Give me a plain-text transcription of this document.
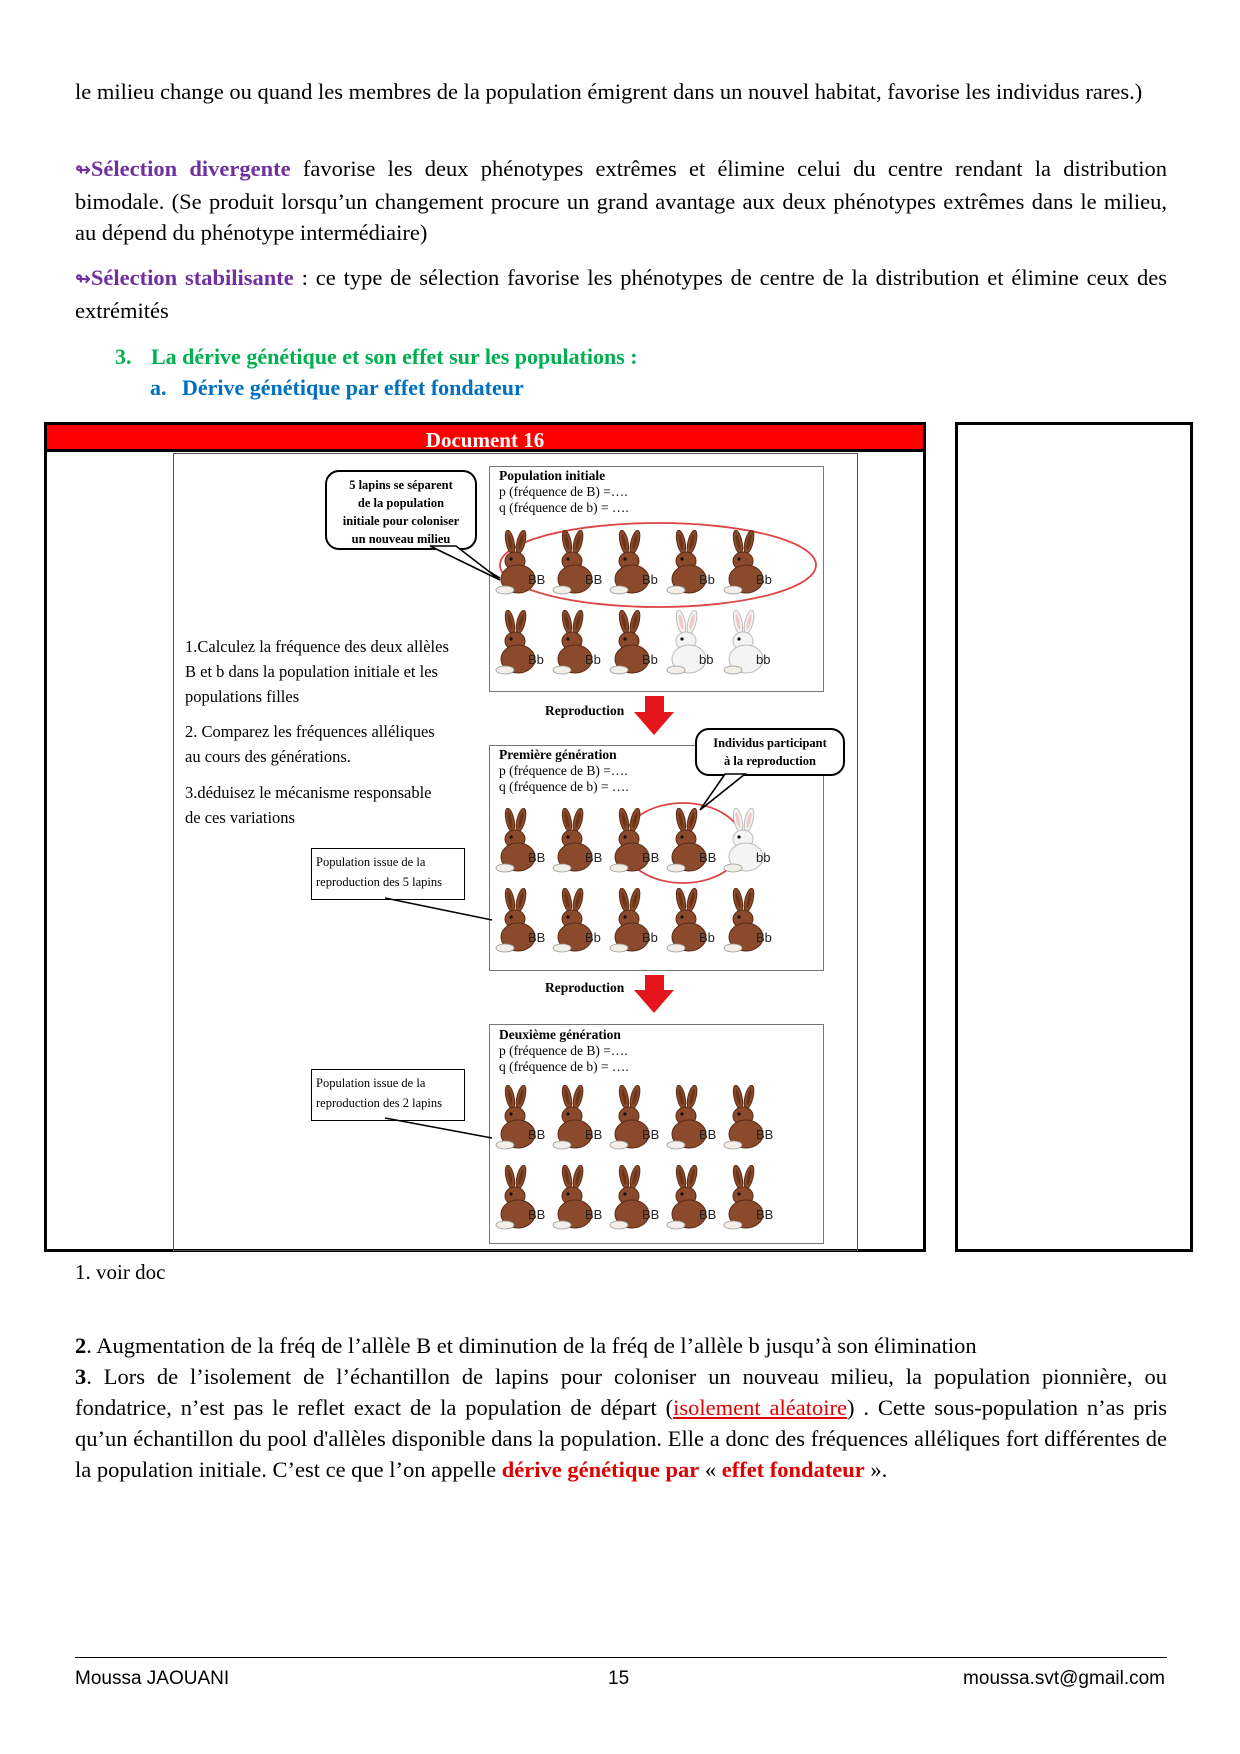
le milieu change ou quand les membres de la population émigrent dans un nouvel habitat, favorise les individus rares.)
↬Sélection divergente favorise les deux phénotypes extrêmes et élimine celui du centre rendant la distribution bimodale. (Se produit lorsqu’un changement procure un grand avantage aux deux phénotypes extrêmes dans le milieu, au dépend du phénotype intermédiaire)
↬Sélection stabilisante : ce type de sélection favorise les phénotypes de centre de la distribution et élimine ceux des extrémités
3. La dérive génétique et son effet sur les populations :
a. Dérive génétique par effet fondateur
Document 16
5 lapins se séparent
de la population
initiale pour coloniser
un nouveau milieu
1.Calculez la fréquence des deux allèles
B et b dans la population initiale et les
populations filles
2. Comparez les fréquences alléliques
au cours des générations.
3.déduisez le mécanisme responsable
de ces variations
Population issue de la
reproduction des 5 lapins
Population issue de la
reproduction des 2 lapins
Population initiale
p (fréquence de B) =….
q (fréquence de b) = ….
Première génération
p (fréquence de B) =….
q (fréquence de b) = ….
Deuxième génération
p (fréquence de B) =….
q (fréquence de b) = ….
Individus participant
à la reproduction
Reproduction
Reproduction
BB	BB	Bb	Bb	Bb
Bb	Bb	Bb	bb	bb
BB	BB	BB	BB	bb
BB	Bb	Bb	Bb	Bb
BB	BB	BB	BB	BB
BB	BB	BB	BB	BB
1. voir doc
2. Augmentation de la fréq de l’allèle B et diminution de la fréq de l’allèle b jusqu’à son élimination
3. Lors de l’isolement de l’échantillon de lapins pour coloniser un nouveau milieu, la population pionnière, ou fondatrice, n’est pas le reflet exact de la population de départ (isolement aléatoire) . Cette sous-population n’as pris qu’un échantillon du pool d'allèles disponible dans la population. Elle a donc des fréquences alléliques fort différentes de la population initiale. C’est ce que l’on appelle dérive génétique par « effet fondateur ».
Moussa JAOUANI	15	moussa.svt@gmail.com
